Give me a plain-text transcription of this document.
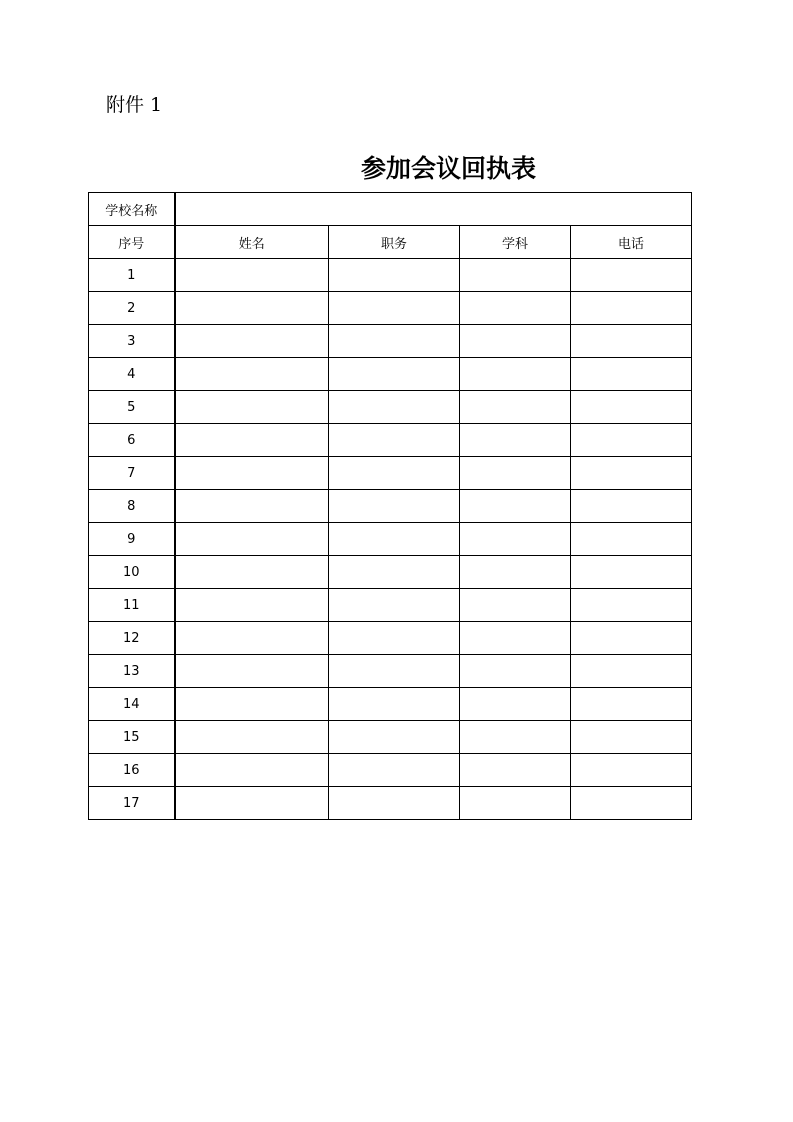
附件 1
参加会议回执表
学校名称				
序号	姓名	职务	学科	电话
1				
2				
3				
4				
5				
6				
7				
8				
9				
10				
11				
12				
13				
14				
15				
16				
17				
